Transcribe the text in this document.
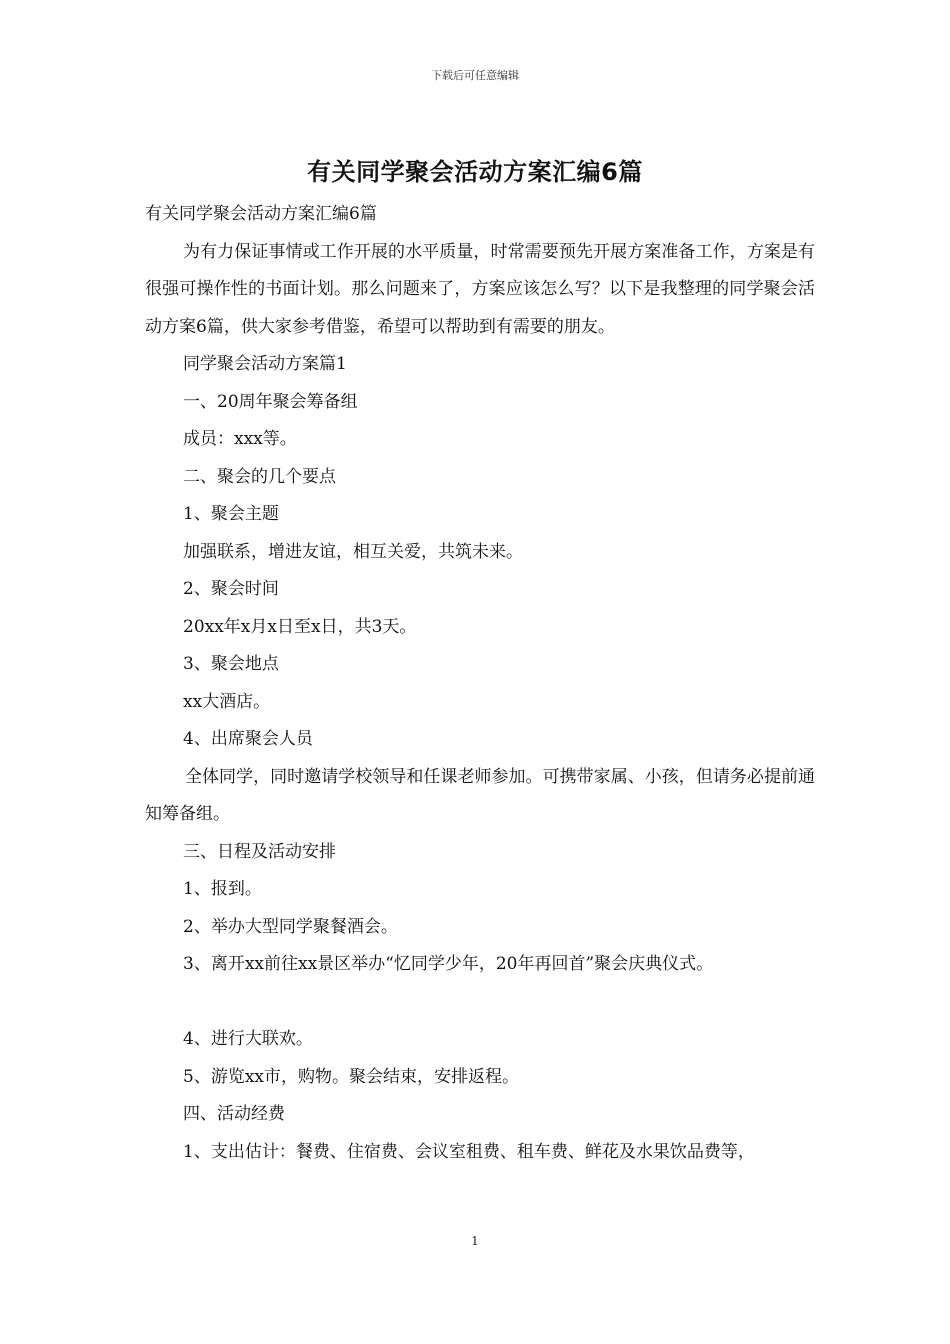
下载后可任意编辑
有关同学聚会活动方案汇编6篇

有关同学聚会活动方案汇编6篇

为有力保证事情或工作开展的水平质量，时常需要预先开展方案准备工作，方案是有很强可操作性的书面计划。那么问题来了，方案应该怎么写？以下是我整理的同学聚会活动方案6篇，供大家参考借鉴，希望可以帮助到有需要的朋友。

同学聚会活动方案篇1

一、20周年聚会筹备组

成员：xxx等。

二、聚会的几个要点

1、聚会主题

加强联系，增进友谊，相互关爱，共筑未来。

2、聚会时间

20xx年x月x日至x日，共3天。

3、聚会地点

xx大酒店。

4、出席聚会人员

全体同学，同时邀请学校领导和任课老师参加。可携带家属、小孩，但请务必提前通知筹备组。

三、日程及活动安排

1、报到。

2、举办大型同学聚餐酒会。

3、离开xx前往xx景区举办“忆同学少年，20年再回首”聚会庆典仪式。

4、进行大联欢。

5、游览xx市，购物。聚会结束，安排返程。

四、活动经费

1、支出估计：餐费、住宿费、会议室租费、租车费、鲜花及水果饮品费等，

1
